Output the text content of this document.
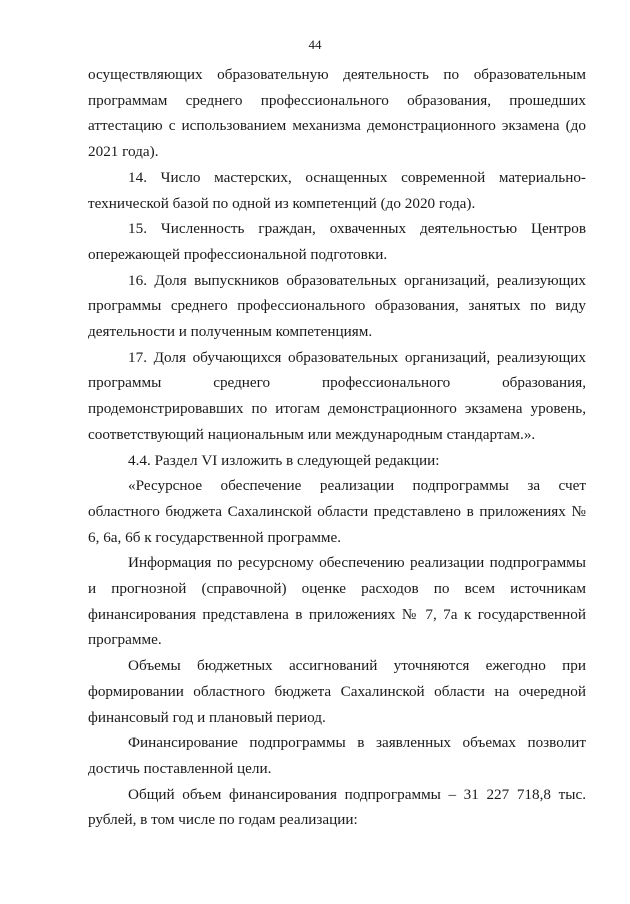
44

осуществляющих образовательную деятельность по образовательным программам среднего профессионального образования, прошедших аттестацию с использованием механизма демонстрационного экзамена (до 2021 года).

14. Число мастерских, оснащенных современной материально-технической базой по одной из компетенций (до 2020 года).

15. Численность граждан, охваченных деятельностью Центров опережающей профессиональной подготовки.

16. Доля выпускников образовательных организаций, реализующих программы среднего профессионального образования, занятых по виду деятельности и полученным компетенциям.

17. Доля обучающихся образовательных организаций, реализующих программы среднего профессионального образования, продемонстрировавших по итогам демонстрационного экзамена уровень, соответствующий национальным или международным стандартам.».

4.4. Раздел VI изложить в следующей редакции:

«Ресурсное обеспечение реализации подпрограммы за счет областного бюджета Сахалинской области представлено в приложениях № 6, 6а, 6б к государственной программе.

Информация по ресурсному обеспечению реализации подпрограммы и прогнозной (справочной) оценке расходов по всем источникам финансирования представлена в приложениях № 7, 7а к государственной программе.

Объемы бюджетных ассигнований уточняются ежегодно при формировании областного бюджета Сахалинской области на очередной финансовый год и плановый период.

Финансирование подпрограммы в заявленных объемах позволит достичь поставленной цели.

Общий объем финансирования подпрограммы – 31 227 718,8 тыс. рублей, в том числе по годам реализации:
